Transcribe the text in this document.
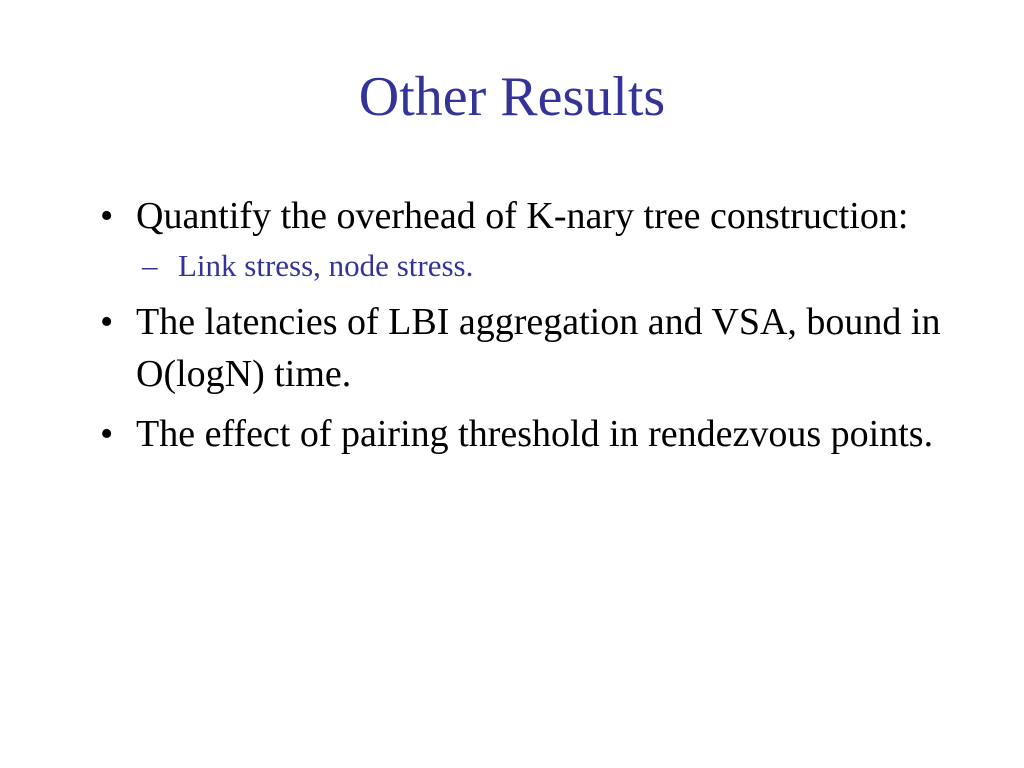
Other Results
• Quantify the overhead of K-nary tree construction:
– Link stress, node stress.
• The latencies of LBI aggregation and VSA, bound in O(logN) time.
• The effect of pairing threshold in rendezvous points.
